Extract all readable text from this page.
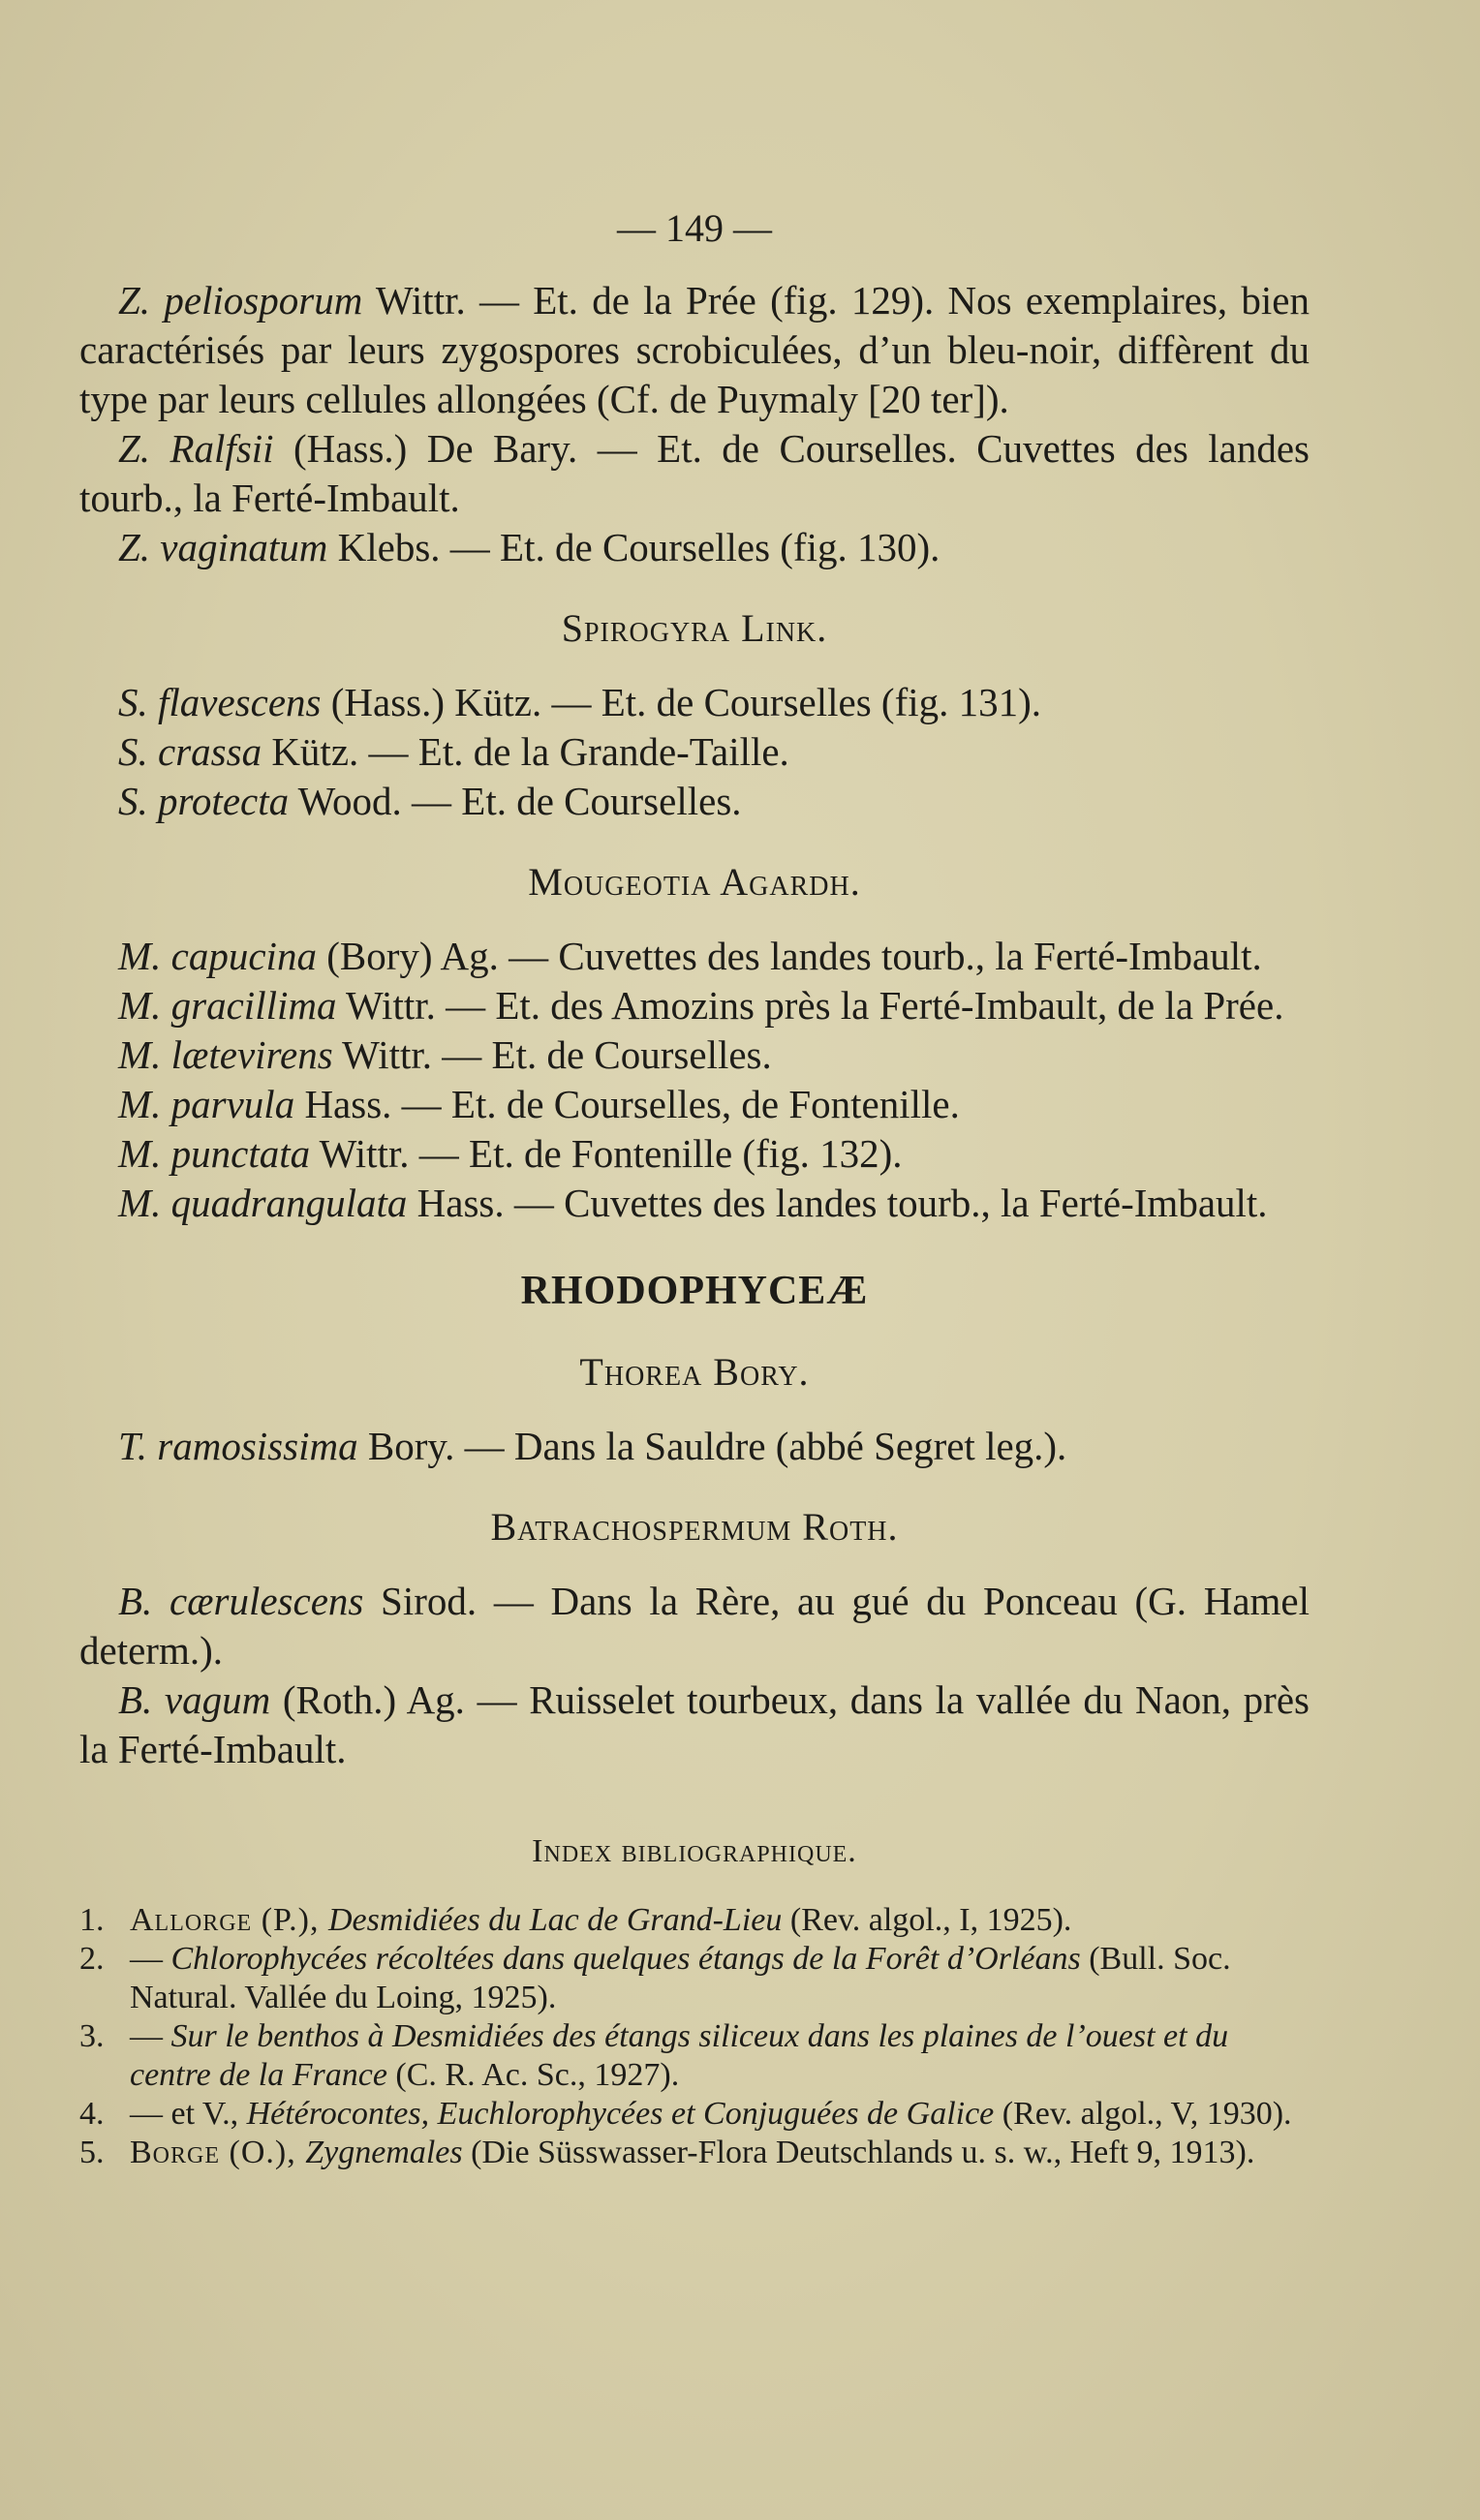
— 149 —

Z. peliosporum Wittr. — Et. de la Prée (fig. 129). Nos exemplaires, bien caractérisés par leurs zygospores scrobiculées, d’un bleu-noir, diffèrent du type par leurs cellules allongées (Cf. de Puymaly [20 ter]).

Z. Ralfsii (Hass.) De Bary. — Et. de Courselles. Cuvettes des landes tourb., la Ferté-Imbault.

Z. vaginatum Klebs. — Et. de Courselles (fig. 130).

Spirogyra Link.

S. flavescens (Hass.) Kütz. — Et. de Courselles (fig. 131).

S. crassa Kütz. — Et. de la Grande-Taille.

S. protecta Wood. — Et. de Courselles.

Mougeotia Agardh.

M. capucina (Bory) Ag. — Cuvettes des landes tourb., la Ferté-Imbault.

M. gracillima Wittr. — Et. des Amozins près la Ferté-Imbault, de la Prée.

M. lætevirens Wittr. — Et. de Courselles.

M. parvula Hass. — Et. de Courselles, de Fontenille.

M. punctata Wittr. — Et. de Fontenille (fig. 132).

M. quadrangulata Hass. — Cuvettes des landes tourb., la Ferté-Imbault.

RHODOPHYCEÆ
Thorea Bory.

T. ramosissima Bory. — Dans la Sauldre (abbé Segret leg.).

Batrachospermum Roth.

B. cærulescens Sirod. — Dans la Rère, au gué du Ponceau (G. Hamel determ.).

B. vagum (Roth.) Ag. — Ruisselet tourbeux, dans la vallée du Naon, près la Ferté-Imbault.

Index bibliographique.
1. Allorge (P.), Desmidiées du Lac de Grand-Lieu (Rev. algol., I, 1925).
2. — Chlorophycées récoltées dans quelques étangs de la Forêt d’Orléans (Bull. Soc. Natural. Vallée du Loing, 1925).
3. — Sur le benthos à Desmidiées des étangs siliceux dans les plaines de l’ouest et du centre de la France (C. R. Ac. Sc., 1927).
4. — et V., Hétérocontes, Euchlorophycées et Conjuguées de Galice (Rev. algol., V, 1930).
5. Borge (O.), Zygnemales (Die Süsswasser-Flora Deutschlands u. s. w., Heft 9, 1913).
